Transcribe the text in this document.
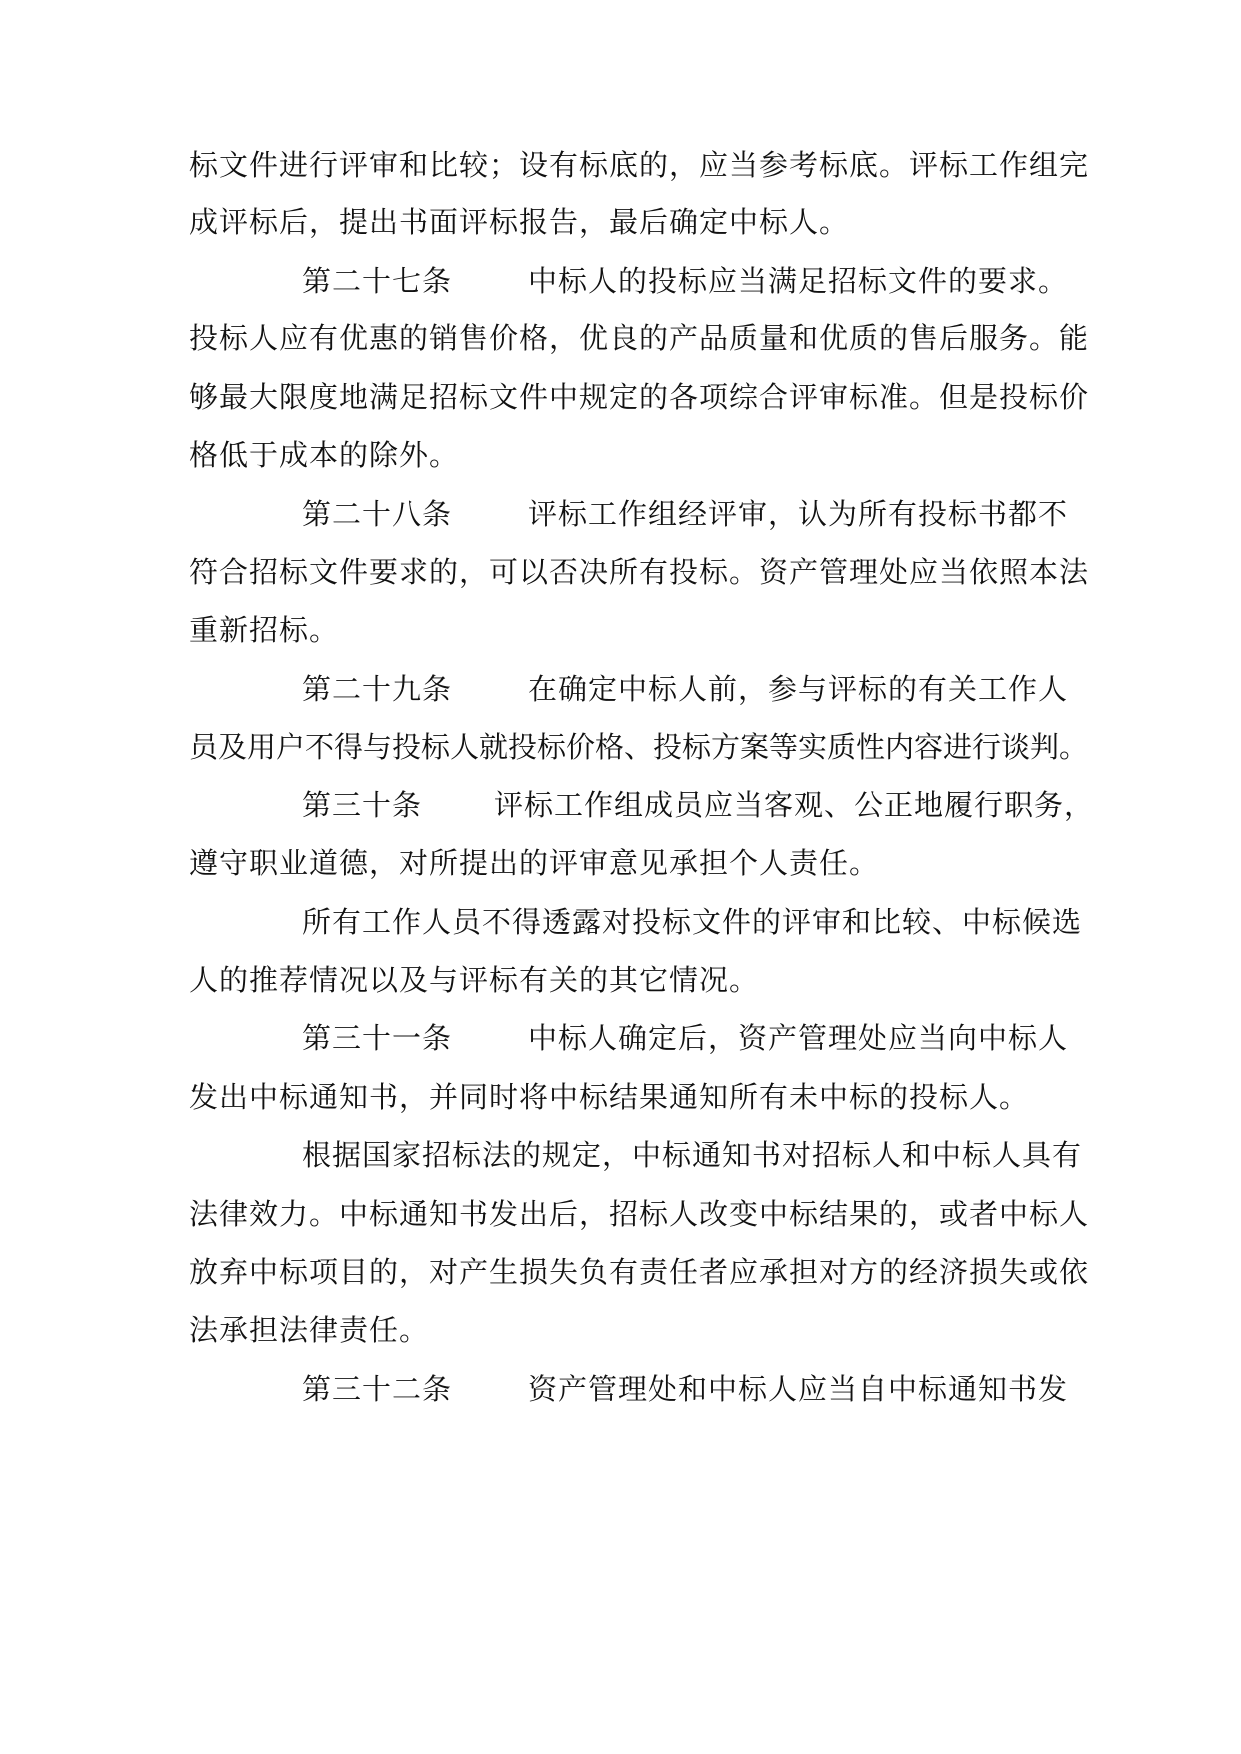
标文件进行评审和比较；设有标底的，应当参考标底。评标工作组完
成评标后，提出书面评标报告，最后确定中标人。
第二十七条	中标人的投标应当满足招标文件的要求。
投标人应有优惠的销售价格，优良的产品质量和优质的售后服务。能
够最大限度地满足招标文件中规定的各项综合评审标准。但是投标价
格低于成本的除外。
第二十八条	评标工作组经评审，认为所有投标书都不
符合招标文件要求的，可以否决所有投标。资产管理处应当依照本法
重新招标。
第二十九条	在确定中标人前，参与评标的有关工作人
员及用户不得与投标人就投标价格、投标方案等实质性内容进行谈判。
第三十条 评标工作组成员应当客观、公正地履行职务，
遵守职业道德，对所提出的评审意见承担个人责任。
所有工作人员不得透露对投标文件的评审和比较、中标候选
人的推荐情况以及与评标有关的其它情况。
第三十一条	中标人确定后，资产管理处应当向中标人
发出中标通知书，并同时将中标结果通知所有未中标的投标人。
根据国家招标法的规定，中标通知书对招标人和中标人具有
法律效力。中标通知书发出后，招标人改变中标结果的，或者中标人
放弃中标项目的，对产生损失负有责任者应承担对方的经济损失或依
法承担法律责任。
第三十二条	资产管理处和中标人应当自中标通知书发
